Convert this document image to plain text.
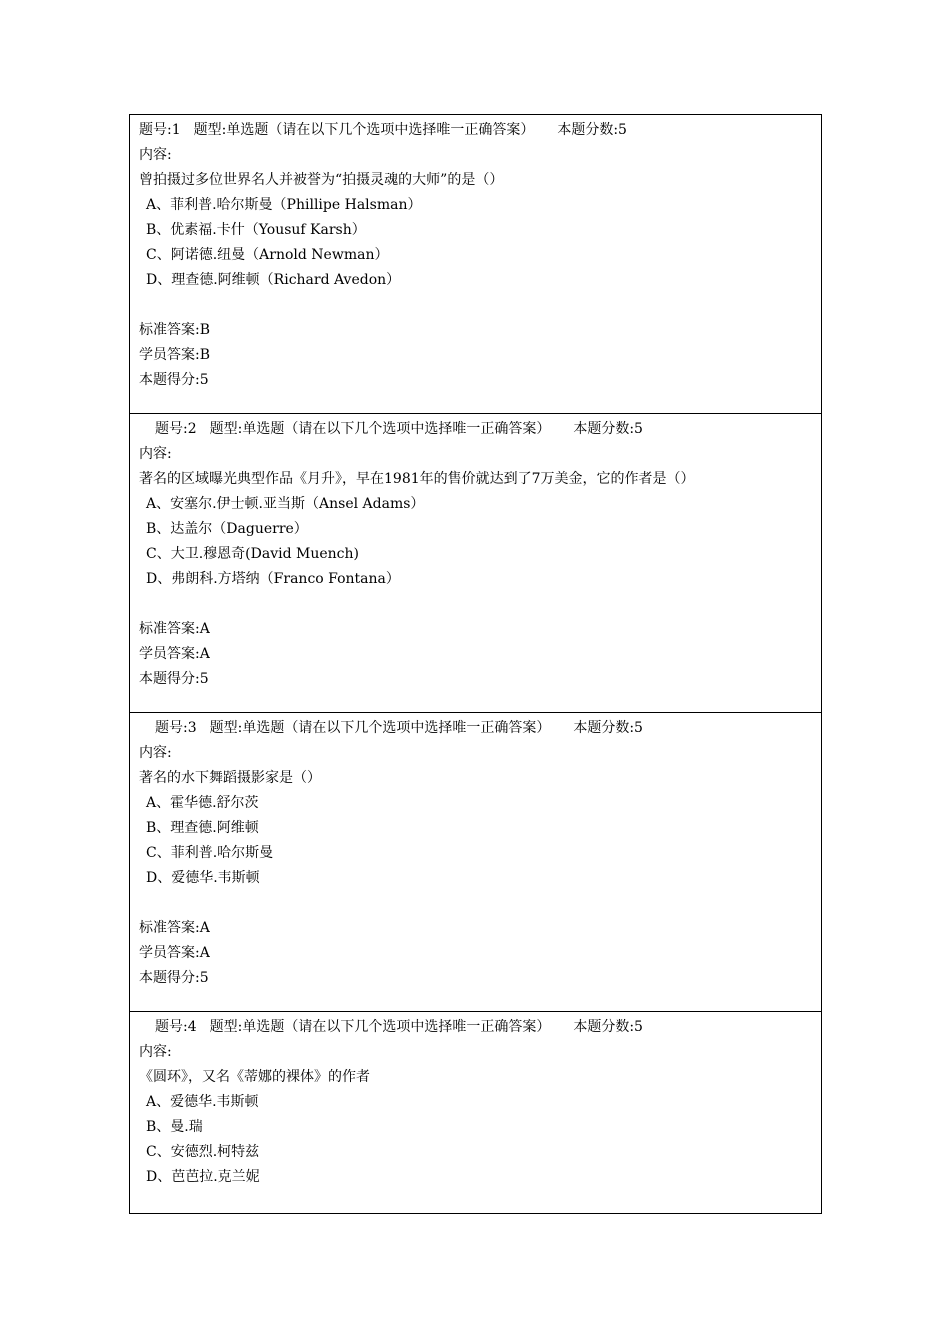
题号:1 题型:单选题（请在以下几个选项中选择唯一正确答案） 本题分数:5
内容:
曾拍摄过多位世界名人并被誉为“拍摄灵魂的大师”的是（）
A、菲利普.哈尔斯曼（Phillipe Halsman）
B、优素福.卡什（Yousuf Karsh）
C、阿诺德.纽曼（Arnold Newman）
D、理查德.阿维顿（Richard Avedon）
标准答案:B
学员答案:B
本题得分:5
题号:2 题型:单选题（请在以下几个选项中选择唯一正确答案） 本题分数:5
内容:
著名的区域曝光典型作品《月升》，早在1981年的售价就达到了7万美金，它的作者是（）
A、安塞尔.伊士顿.亚当斯（Ansel Adams）
B、达盖尔（Daguerre）
C、大卫.穆恩奇(David Muench)
D、弗朗科.方塔纳（Franco Fontana）
标准答案:A
学员答案:A
本题得分:5
题号:3 题型:单选题（请在以下几个选项中选择唯一正确答案） 本题分数:5
内容:
著名的水下舞蹈摄影家是（）
A、霍华德.舒尔茨
B、理查德.阿维顿
C、菲利普.哈尔斯曼
D、爱德华.韦斯顿
标准答案:A
学员答案:A
本题得分:5
题号:4 题型:单选题（请在以下几个选项中选择唯一正确答案） 本题分数:5
内容:
《圆环》，又名《蒂娜的裸体》的作者
A、爱德华.韦斯顿
B、曼.瑞
C、安德烈.柯特兹
D、芭芭拉.克兰妮
